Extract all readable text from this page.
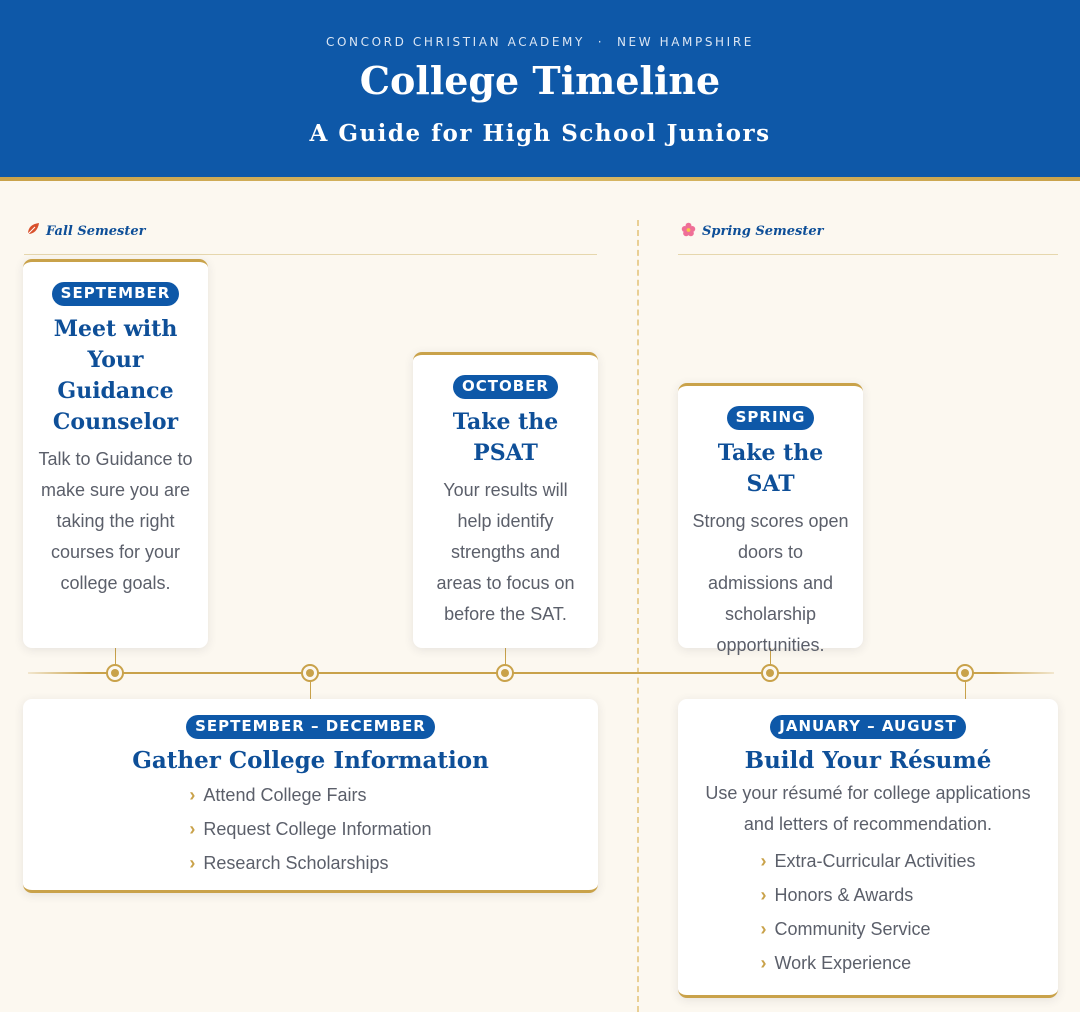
CONCORD CHRISTIAN ACADEMY  ·  NEW HAMPSHIRE
College Timeline
A Guide for High School Juniors
Fall Semester	Spring Semester
SEPTEMBER
Meet with Your Guidance Counselor
Talk to Guidance to make sure you are taking the right courses for your college goals.
OCTOBER
Take the PSAT
Your results will help identify strengths and areas to focus on before the SAT.
SPRING
Take the SAT
Strong scores open doors to admissions and scholarship opportunities.
SEPTEMBER – DECEMBER
Gather College Information
› Attend College Fairs
› Request College Information
› Research Scholarships
JANUARY – AUGUST
Build Your Résumé
Use your résumé for college applications and letters of recommendation.
› Extra-Curricular Activities
› Honors & Awards
› Community Service
› Work Experience
